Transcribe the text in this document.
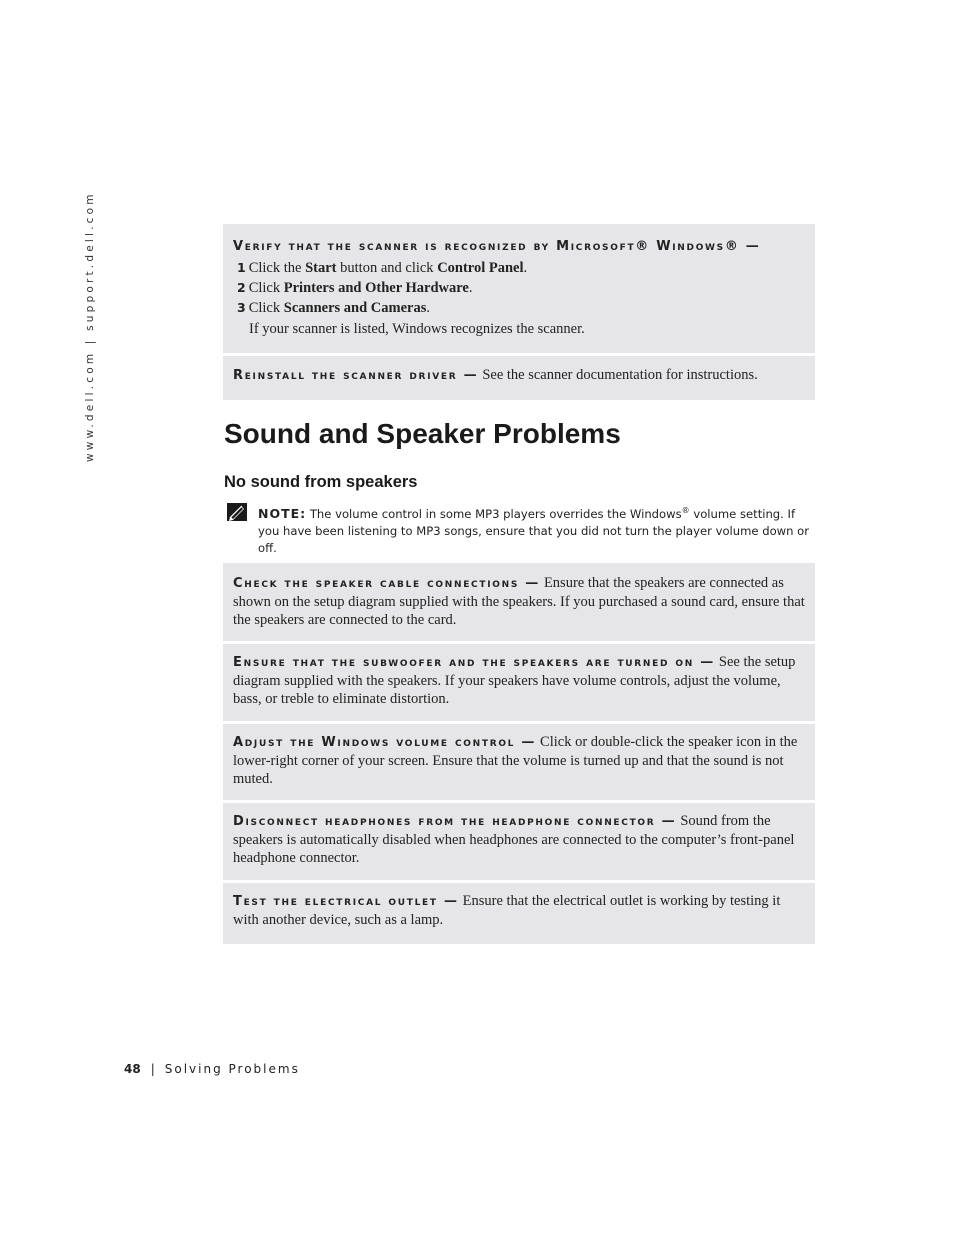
www.dell.com | support.dell.com	Verify that the scanner is recognized by Microsoft® Windows® —
1 Click the Start button and click Control Panel.
2 Click Printers and Other Hardware.
3 Click Scanners and Cameras.
If your scanner is listed, Windows recognizes the scanner.
Reinstall the scanner driver — See the scanner documentation for instructions.
Sound and Speaker Problems
No sound from speakers
NOTE: The volume control in some MP3 players overrides the Windows® volume setting. If you have been listening to MP3 songs, ensure that you did not turn the player volume down or off.
Check the speaker cable connections — Ensure that the speakers are connected as shown on the setup diagram supplied with the speakers. If you purchased a sound card, ensure that the speakers are connected to the card.
Ensure that the subwoofer and the speakers are turned on — See the setup diagram supplied with the speakers. If your speakers have volume controls, adjust the volume, bass, or treble to eliminate distortion.
Adjust the Windows volume control — Click or double-click the speaker icon in the lower-right corner of your screen. Ensure that the volume is turned up and that the sound is not muted.
Disconnect headphones from the headphone connector — Sound from the speakers is automatically disabled when headphones are connected to the computer’s front-panel headphone connector.
Test the electrical outlet — Ensure that the electrical outlet is working by testing it with another device, such as a lamp.
48 | Solving Problems
